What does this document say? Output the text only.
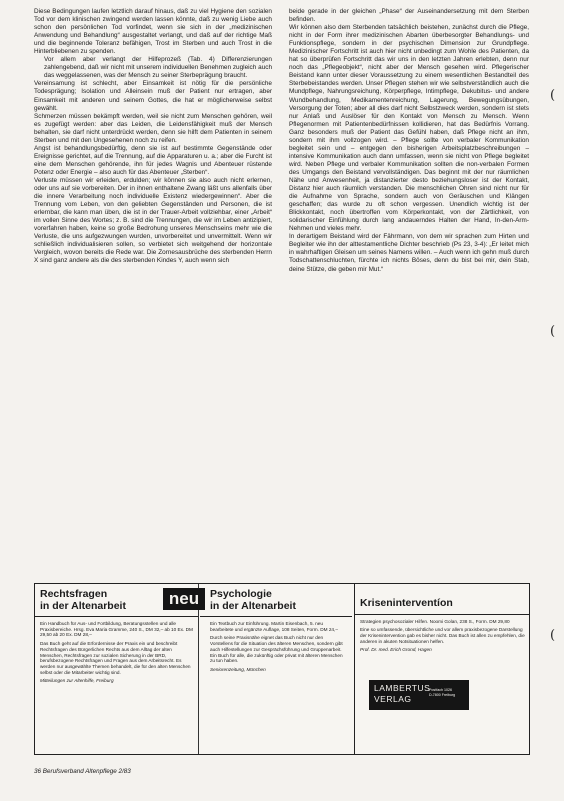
Diese Bedingungen laufen letztlich darauf hinaus, daß zu viel Hygiene den sozialen Tod vor dem klinischen zwingend werden lassen könnte, daß zu wenig Liebe auch schon den persönlichen Tod vorfindet, wenn sie sich in der „medizinischen Anwendung und Behandlung“ ausgestaltet verlangt, und daß auf der richtige Maß und die beginnende Toleranz befähigen, Trost im Sterben und auch Trost in die Hinterbliebenen zu spenden.

Vor allem aber verlangt der Hilfeprozeß (Tab. 4) Differenzierungen zahlengebend, daß wir nicht mit unserem individuellen Benehmen zugleich auch das weggelassenen, was der Mensch zu seiner Sterbeprägung braucht.

Vereinsamung ist schlecht, aber Einsamkeit ist nötig für die persönliche Todesprägung; Isolation und Alleinsein muß der Patient nur ertragen, aber Einsamkeit mit anderen und seinem Gottes, die hat er möglicherweise selbst gewählt.

Schmerzen müssen bekämpft werden, weil sie nicht zum Menschen gehören, weil es zugefügt werden: aber das Leiden, die Leidensfähigkeit muß der Mensch behalten, sie darf nicht unterdrückt werden, denn sie hilft dem Patienten in seinem Sterben und mit den Ungesehenen noch zu reifen.

Angst ist behandlungsbedürftig, denn sie ist auf bestimmte Gegenstände oder Ereignisse gerichtet, auf die Trennung, auf die Apparaturen u. a.; aber die Furcht ist eine dem Menschen gehörende, ihn für jedes Wagnis und Abenteuer rüstende Potenz oder Energie – also auch für das Abenteuer „Sterben“.

Verluste müssen wir erleiden, erdulden; wir können sie also auch nicht erlernen, oder uns auf sie vorbereiten. Der in ihnen enthaltene Zwang läßt uns allenfalls über die innere Verarbeitung noch individuelle Existenz wiedergewinnen“. Aber die Trennung vom Leben, von den geliebten Gegenständen und Personen, die ist erlernbar, die kann man üben, die ist in der Trauer-Arbeit vollziehbar, einer „Arbeit“ im vollen Sinne des Wortes; z. B. sind die Trennungen, die wir im Leben antizipiert, vorerfahren haben, keine so große Bedrohung unseres Menschseins mehr wie die Verluste, die uns aufgezwungen wurden, unvorbereitet und unvermittelt. Wenn wir schließlich individualisieren sollen, so verbietet sich weitgehend der horizontale Vergleich, wovon bereits die Rede war. Die Zornesausbrüche des sterbenden Herrn X sind ganz andere als die des sterbenden Kindes Y, auch wenn sich

beide gerade in der gleichen „Phase“ der Auseinandersetzung mit dem Sterben befinden.

Wir können also dem Sterbenden tatsächlich beistehen, zunächst durch die Pflege, nicht in der Form ihrer medizinischen Abarten überbesorgter Behandlungs- und Funktionspflege, sondern in der psychischen Dimension zur Grundpflege. Medizinischer Fortschritt ist auch hier nicht unbedingt zum Wohle des Patienten, da hat so überprüfen Fortschritt das wir uns in den letzten Jahren erlebten, denn nur noch das „Pflegeobjekt“, nicht aber der Mensch gesehen wird. Pflegerischer Beistand kann unter dieser Voraussetzung zu einem wesentlichen Bestandteil des Sterbebeistandes werden. Unser Pflegen stehen wir wie selbstverständlich auch die Mundpflege, Nahrungsreichung, Körperpflege, Intimpflege, Dekubitus- und andere Wundbehandlung, Medikamentenreichung, Lagerung, Bewegungsübungen, Versorgung der Toten; aber all dies darf nicht Selbstzweck werden, sondern ist stets nur Anlaß und Auslöser für den Kontakt von Mensch zu Mensch. Wenn Pflegenormen mit Patientenbedürfnissen kollidieren, hat das Bedürfnis Vorrang. Ganz besonders muß der Patient das Gefühl haben, daß Pflege nicht an ihm, sondern mit ihm vollzogen wird. – Pflege sollte von verbaler Kommunikation begleitet sein und – entgegen den bisherigen Arbeitsplatzbeschreibungen – intensive Kommunikation auch dann umfassen, wenn sie nicht von Pflege begleitet wird. Neben Pflege und verbaler Kommunikation sollten die non-verbalen Formen des Umgangs den Beistand vervollständigen. Das beginnt mit der nur räumlichen Nähe und Anwesenheit, ja distanzierter desto beziehungsloser ist der Kontakt, Distanz hier auch räumlich verstanden. Die menschlichen Ohren sind nicht nur für die Aufnahme von Sprache, sondern auch von Geräuschen und Klängen geschaffen; das wurde zu oft schon vergessen. Unendlich wichtig ist der Blickkontakt, noch übertroffen vom Körperkontakt, von der Zärtlichkeit, von solidarischer Einfühlung durch lang andauerndes Halten der Hand, In-den-Arm-Nehmen und vieles mehr.

In derartigem Beistand wird der Fährmann, von dem wir sprachen zum Hirten und Begleiter wie ihn der alttestamentliche Dichter beschrieb (Ps 23, 3-4): „Er leitet mich in wahrhaftigen Gleisen um seines Namens willen. – Auch wenn ich gehn muß durch Todschattenschluchten, fürchte ich nichts Böses, denn du bist bei mir, dein Stab, deine Stütze, die geben mir Mut.“

(
(
(
Rechtsfragen
in der Altenarbeit

Ein Handbuch für Aus- und Fortbildung, Beratungsstellen und alle Praxisbereiche. Hrsg. Eva Maria Gramme, 240 S., DM 32,– ab 10 Ex. DM 29,50 ab 20 Ex. DM 28,–

Das Buch geht auf die Erfordernisse der Praxis ein und beschreibt Rechtsfragen des Bürgerlichen Rechts aus dem Alltag der alten Menschen, Rechtsfragen zur sozialen Sicherung in der BRD, berufsbezogene Rechtsfragen und Fragen aus dem Arbeitsrecht. Es werden nur ausgewählte Themen behandelt, die für den alten Menschen selbst oder die Mitarbeiter wichtig sind.

Mitteilungen zur Altenhilfe, Freiburg

neu	Psychologie
in der Altenarbeit

Ein Textbuch zur Einführung. Martin Eisenbach, 5. neu bearbeitete und ergänzte Auflage, 108 Seiten, Form. DM 24,–

Durch seine Praxisnähe eignet das Buch nicht nur den Vorstellens für die Situation des älteren Menschen, sondern gibt auch Hilfestellungen zur Gesprächsführung und Gruppenarbeit. Ein Buch für alle, die zukünftig oder privat mit älteren Menschen zu tun haben.

Seniorenzeitung, München

Kriseninterventíon

Strategien psychosozialer Hilfen. Noomi Golan, 238 S., Form. DM 29,80

Eine so umfassende, übersichtliche und vor allem praxisbezogene Darstellung der Krisenintervention gab es bisher nicht. Das Buch ist allen zu empfehlen, die anderen in akuten Notsituationen helfen.

Prof. Dr. med. Erich Grond, Hagen

LAMBERTUS
VERLAG
Postfach 1026
D-7800 Freiburg
36 Berufsverband Altenpflege 2/83
